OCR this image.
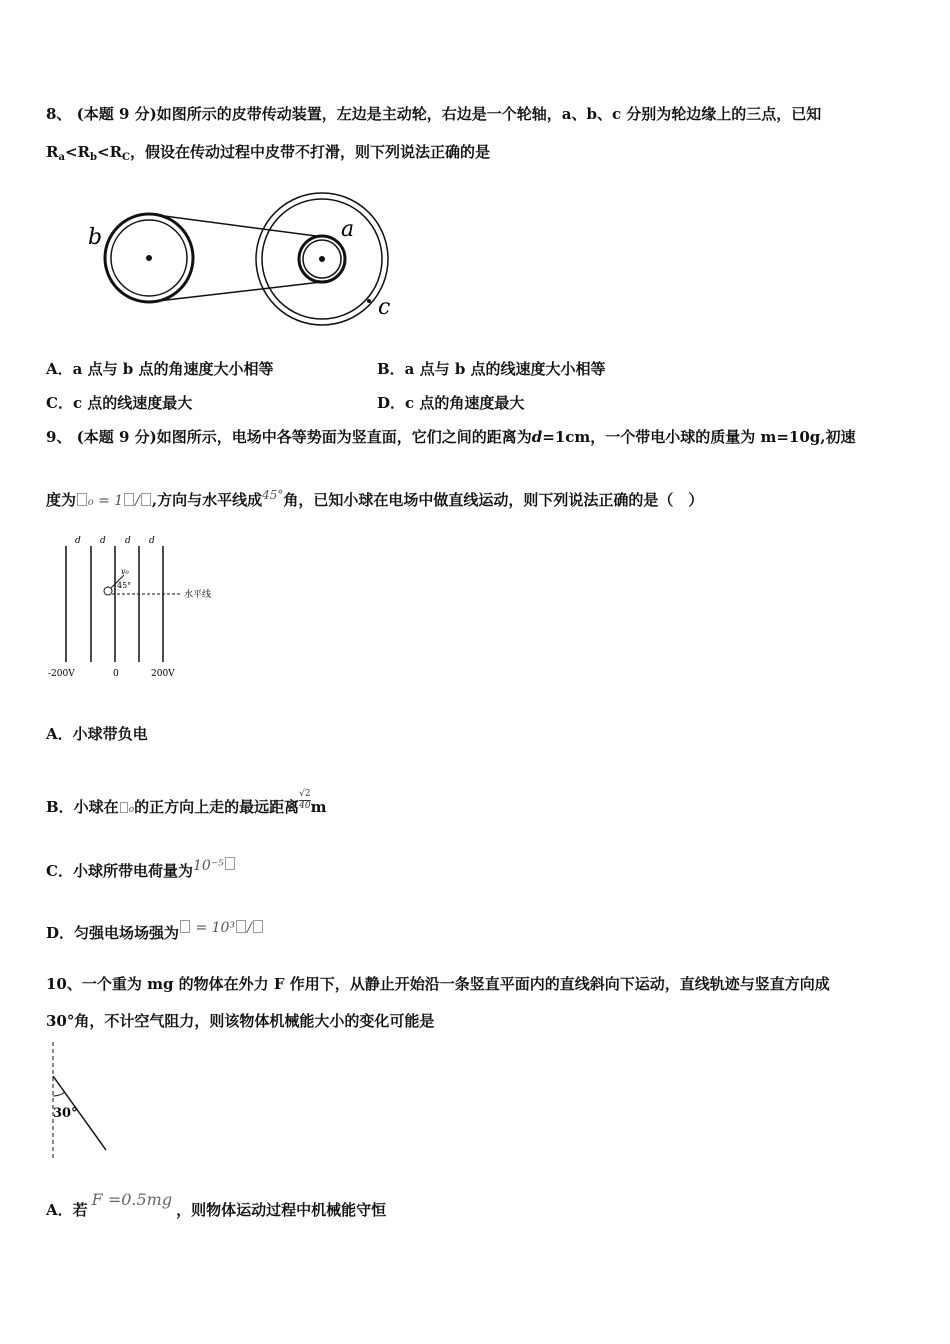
8、 (本题 9 分)如图所示的皮带传动装置，左边是主动轮，右边是一个轮轴，a、b、c 分别为轮边缘上的三点，已知
$R_a<R_b<R_C$，假设在传动过程中皮带不打滑，则下列说法正确的是
b	a
c
A．a 点与 b 点的角速度大小相等	B．a 点与 b 点的线速度大小相等
C．c 点的线速度最大	D．c 点的角速度最大
9、 (本题 9 分)如图所示，电场中各等势面为竖直面，它们之间的距离为d=1cm，一个带电小球的质量为 m=10g,初速
度为 ₀ = 1 / ,方向与水平线成$^{45^\circ}$角，已知小球在电场中做直线运动，则下列说法正确的是（　）
d d d d
v₀
45°
水平线
-200V	0	200V
A．小球带负电
B．小球在 o的正方向上走的最远距离 $\frac{√2}{40}$ m
C．小球所带电荷量为10⁻⁵
D．匀强电场场强为 = 10³ /
10、一个重为 mg 的物体在外力 F 作用下，从静止开始沿一条竖直平面内的直线斜向下运动，直线轨迹与竖直方向成
30°角，不计空气阻力，则该物体机械能大小的变化可能是
30°
A．若F =0.5mg，则物体运动过程中机械能守恒
